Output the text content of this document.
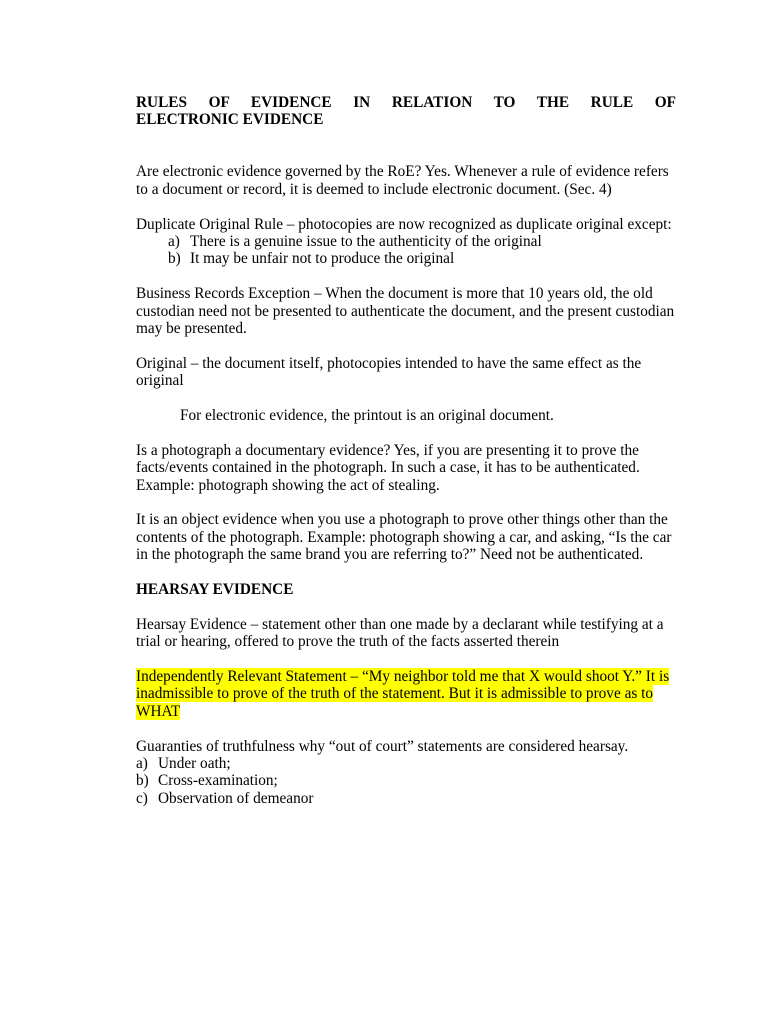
RULES OF EVIDENCE IN RELATION TO THE RULE OF
ELECTRONIC EVIDENCE

Are electronic evidence governed by the RoE? Yes. Whenever a rule of evidence refers to a document or record, it is deemed to include electronic document. (Sec. 4)

Duplicate Original Rule – photocopies are now recognized as duplicate original except:

a) There is a genuine issue to the authenticity of the original
b) It may be unfair not to produce the original

Business Records Exception – When the document is more that 10 years old, the old custodian need not be presented to authenticate the document, and the present custodian may be presented.

Original – the document itself, photocopies intended to have the same effect as the original

For electronic evidence, the printout is an original document.

Is a photograph a documentary evidence? Yes, if you are presenting it to prove the facts/events contained in the photograph. In such a case, it has to be authenticated. Example: photograph showing the act of stealing.

It is an object evidence when you use a photograph to prove other things other than the contents of the photograph. Example: photograph showing a car, and asking, “Is the car in the photograph the same brand you are referring to?” Need not be authenticated.

HEARSAY EVIDENCE

Hearsay Evidence – statement other than one made by a declarant while testifying at a trial or hearing, offered to prove the truth of the facts asserted therein

Independently Relevant Statement – “My neighbor told me that X would shoot Y.” It is inadmissible to prove of the truth of the statement. But it is admissible to prove as to WHAT

Guaranties of truthfulness why “out of court” statements are considered hearsay.

a) Under oath;
b) Cross-examination;
c) Observation of demeanor
